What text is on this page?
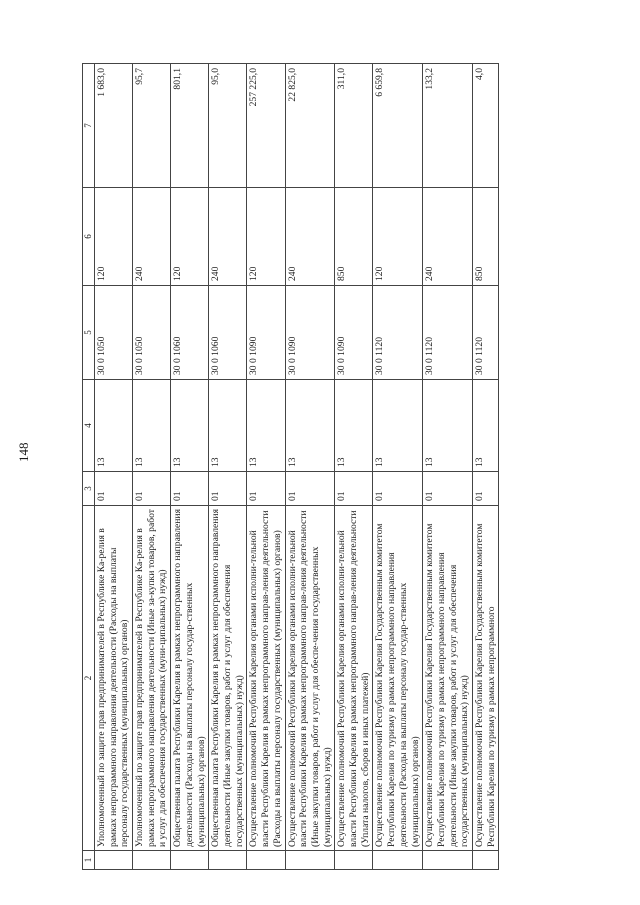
148
1	2	3	4	5	6	7
	Уполномоченный по защите прав предпринимателей в Республике Ка-релия в рамках непрограммного направления деятельности (Расходы на выплаты персоналу государственных (муниципальных) органов)	01	13	30 0 1050	120	1 683,0
	Уполномоченный по защите прав предпринимателей в Республике Ка-релия в рамках непрограммного направления деятельности (Иные за-купки товаров, работ и услуг для обеспечения государственных (муни-ципальных) нужд)	01	13	30 0 1050	240	95,7
	Общественная палата Республики Карелия в рамках непрограммного направления деятельности (Расходы на выплаты персоналу государ-ственных (муниципальных) органов)	01	13	30 0 1060	120	801,1
	Общественная палата Республики Карелия в рамках непрограммного направления деятельности (Иные закупки товаров, работ и услуг для обеспечения государственных (муниципальных) нужд)	01	13	30 0 1060	240	95,0
	Осуществление полномочий Республики Карелия органами исполни-тельной власти Республики Карелия в рамках непрограммного направ-ления деятельности (Расходы на выплаты персоналу государственных (муниципальных) органов)	01	13	30 0 1090	120	257 225,0
	Осуществление полномочий Республики Карелия органами исполни-тельной власти Республики Карелия в рамках непрограммного направ-ления деятельности (Иные закупки товаров, работ и услуг для обеспе-чения государственных (муниципальных) нужд)	01	13	30 0 1090	240	22 825,0
	Осуществление полномочий Республики Карелия органами исполни-тельной власти Республики Карелия в рамках непрограммного направ-ления деятельности (Уплата налогов, сборов и иных платежей)	01	13	30 0 1090	850	311,0
	Осуществление полномочий Республики Карелия Государственным комитетом Республики Карелия по туризму в рамках непрограммного направления деятельности (Расходы на выплаты персоналу государ-ственных (муниципальных) органов)	01	13	30 0 1120	120	6 659,8
	Осуществление полномочий Республики Карелия Государственным комитетом Республики Карелия по туризму в рамках непрограммного направления деятельности (Иные закупки товаров, работ и услуг для обеспечения государственных (муниципальных) нужд)	01	13	30 0 1120	240	133,2
	Осуществление полномочий Республики Карелия Государственным комитетом Республики Карелия по туризму в рамках непрограммного	01	13	30 0 1120	850	4,0
